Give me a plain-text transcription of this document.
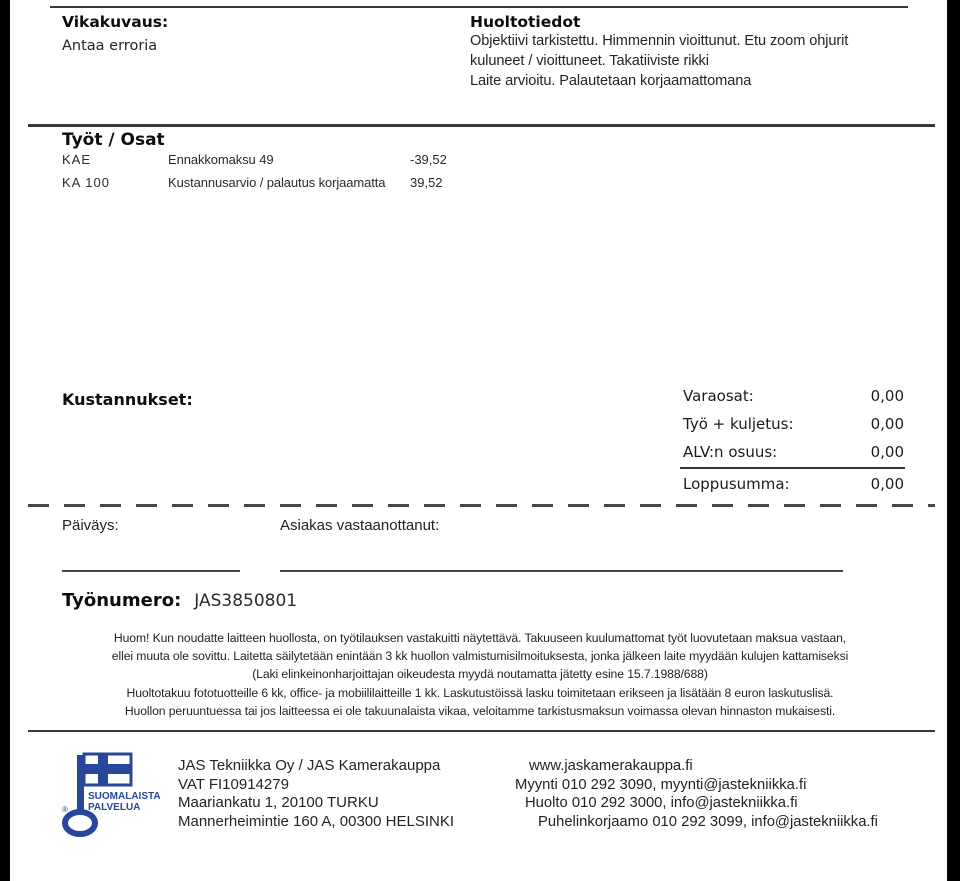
Vikakuvaus:
Antaa erroria
Huoltotiedot
Objektiivi tarkistettu. Himmennin vioittunut. Etu zoom ohjurit
kuluneet / vioittuneet. Takatiiviste rikki
Laite arvioitu. Palautetaan korjaamattomana
Työt / Osat
KAE	Ennakkomaksu 49	-39,52
KA 100	Kustannusarvio / palautus korjaamatta	39,52
Kustannukset:	Varaosat:	0,00
Työ + kuljetus:	0,00
ALV:n osuus:	0,00
Loppusumma:	0,00
Päiväys:	Asiakas vastaanottanut:
Työnumero: JAS3850801
Huom! Kun noudatte laitteen huollosta, on työtilauksen vastakuitti näytettävä. Takuuseen kuulumattomat työt luovutetaan maksua vastaan,
ellei muuta ole sovittu. Laitetta säilytetään enintään 3 kk huollon valmistumisilmoituksesta, jonka jälkeen laite myydään kulujen kattamiseksi
(Laki elinkeinonharjoittajan oikeudesta myydä noutamatta jätetty esine 15.7.1988/688)
Huoltotakuu fototuotteille 6 kk, office- ja mobiililaitteille 1 kk. Laskutustöissä lasku toimitetaan erikseen ja lisätään 8 euron laskutuslisä.
Huollon peruuntuessa tai jos laitteessa ei ole takuunalaista vikaa, veloitamme tarkistusmaksun voimassa olevan hinnaston mukaisesti.
SUOMALAISTA
PALVELUA
®
JAS Tekniikka Oy / JAS Kamerakauppa
VAT FI10914279
Maariankatu 1, 20100 TURKU
Mannerheimintie 160 A, 00300 HELSINKI
www.jaskamerakauppa.fi
Myynti 010 292 3090, myynti@jastekniikka.fi
Huolto 010 292 3000, info@jastekniikka.fi
Puhelinkorjaamo 010 292 3099, info@jastekniikka.fi
